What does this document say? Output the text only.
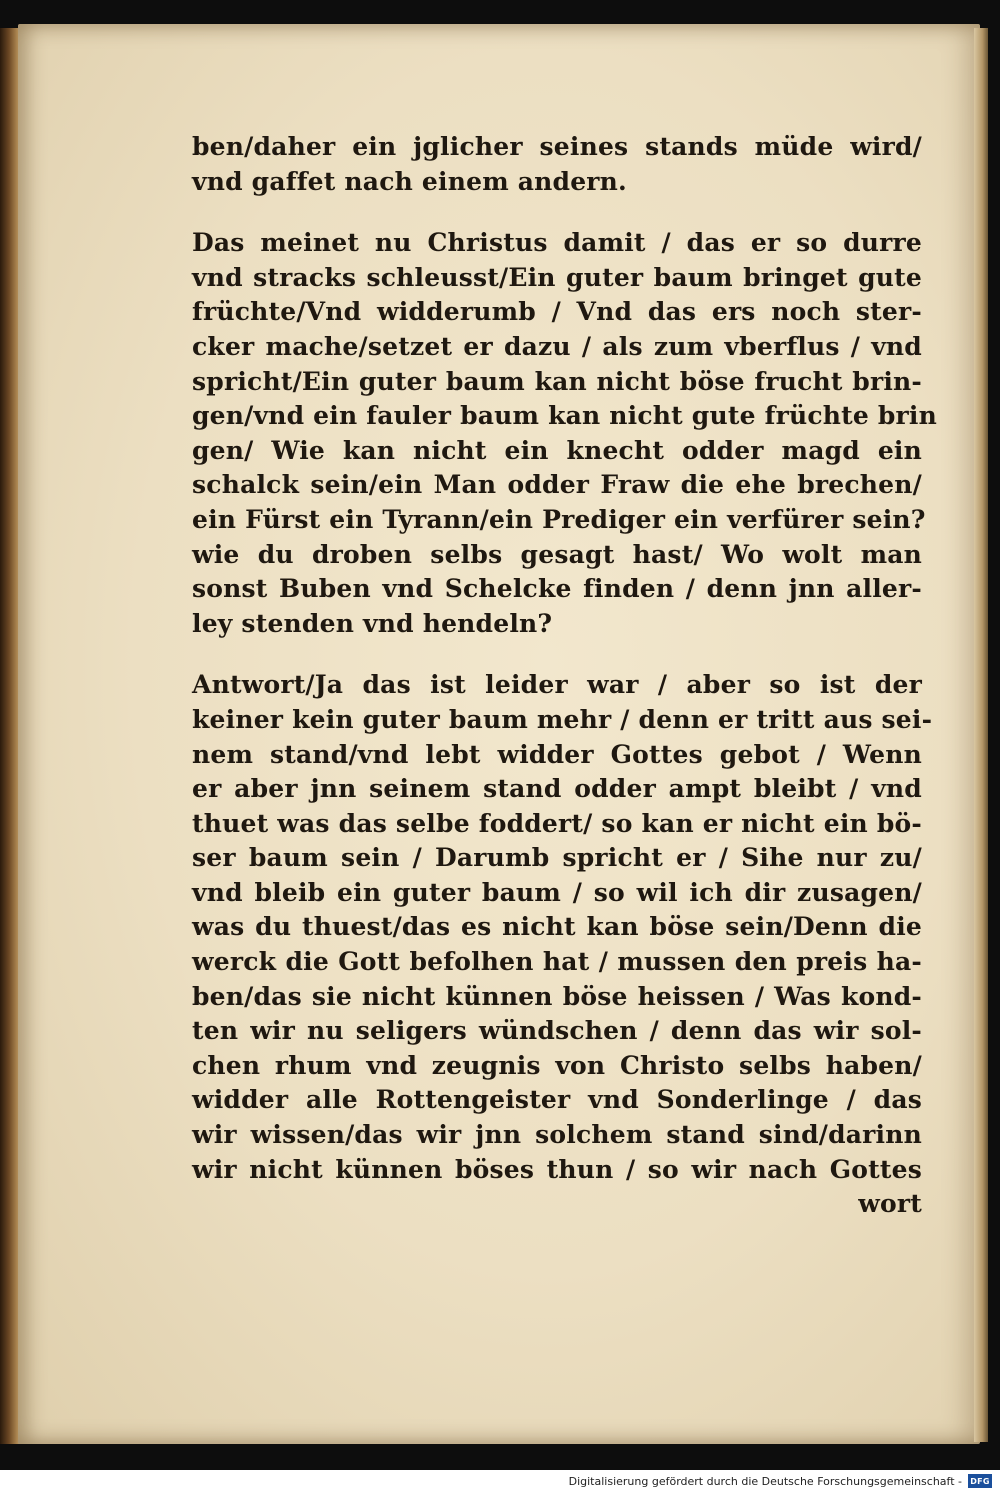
ben/daher ein jglicher seines stands müde wird/
vnd gaffet nach einem andern.
Das meinet nu Christus damit / das er so durre
vnd stracks schleusst/Ein guter baum bringet gute
früchte/Vnd widderumb / Vnd das ers noch ster-
cker mache/setzet er dazu / als zum vberflus / vnd
spricht/Ein guter baum kan nicht böse frucht brin-
gen/vnd ein fauler baum kan nicht gute früchte brin
gen/ Wie kan nicht ein knecht odder magd ein
schalck sein/ein Man odder Fraw die ehe brechen/
ein Fürst ein Tyrann/ein Prediger ein verfürer sein?
wie du droben selbs gesagt hast/ Wo wolt man
sonst Buben vnd Schelcke finden / denn jnn aller-
ley stenden vnd hendeln?
Antwort/Ja das ist leider war / aber so ist der
keiner kein guter baum mehr / denn er tritt aus sei-
nem stand/vnd lebt widder Gottes gebot / Wenn
er aber jnn seinem stand odder ampt bleibt / vnd
thuet was das selbe foddert/ so kan er nicht ein bö-
ser baum sein / Darumb spricht er / Sihe nur zu/
vnd bleib ein guter baum / so wil ich dir zusagen/
was du thuest/das es nicht kan böse sein/Denn die
werck die Gott befolhen hat / mussen den preis ha-
ben/das sie nicht künnen böse heissen / Was kond-
ten wir nu seligers wündschen / denn das wir sol-
chen rhum vnd zeugnis von Christo selbs haben/
widder alle Rottengeister vnd Sonderlinge / das
wir wissen/das wir jnn solchem stand sind/darinn
wir nicht künnen böses thun / so wir nach Gottes
wort
Digitalisierung gefördert durch die Deutsche Forschungsgemeinschaft - DFG
